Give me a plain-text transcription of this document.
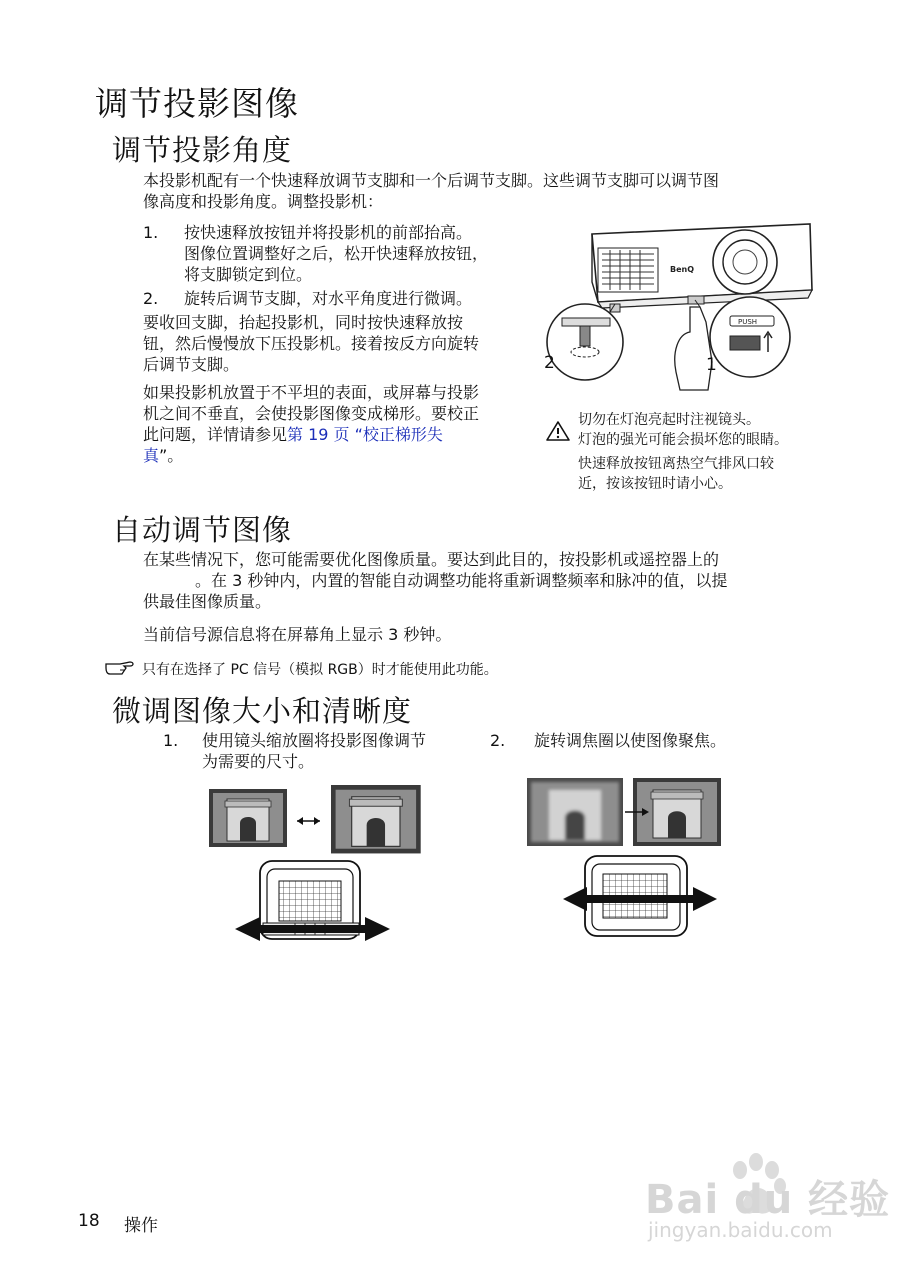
调节投影图像
调节投影角度
本投影机配有一个快速释放调节支脚和一个后调节支脚。这些调节支脚可以调节图
像高度和投影角度。调整投影机：
1. 按快速释放按钮并将投影机的前部抬高。
图像位置调整好之后，松开快速释放按钮，
将支脚锁定到位。
2. 旋转后调节支脚，对水平角度进行微调。
要收回支脚，抬起投影机，同时按快速释放按
钮，然后慢慢放下压投影机。接着按反方向旋转
后调节支脚。
如果投影机放置于不平坦的表面，或屏幕与投影
机之间不垂直，会使投影图像变成梯形。要校正
此问题，详情请参见第 19 页 “校正梯形失
真”。
BenQ
PUSH
2	1
切勿在灯泡亮起时注视镜头。
灯泡的强光可能会损坏您的眼睛。
快速释放按钮离热空气排风口较
近，按该按钮时请小心。
自动调节图像
在某些情况下，您可能需要优化图像质量。要达到此目的，按投影机或遥控器上的
。在 3 秒钟内，内置的智能自动调整功能将重新调整频率和脉冲的值，以提
供最佳图像质量。
当前信号源信息将在屏幕角上显示 3 秒钟。
只有在选择了 PC 信号（模拟 RGB）时才能使用此功能。
微调图像大小和清晰度
1. 使用镜头缩放圈将投影图像调节
为需要的尺寸。
2. 旋转调焦圈以使图像聚焦。
Bai du 经验
jingyan.baidu.com
18 操作
